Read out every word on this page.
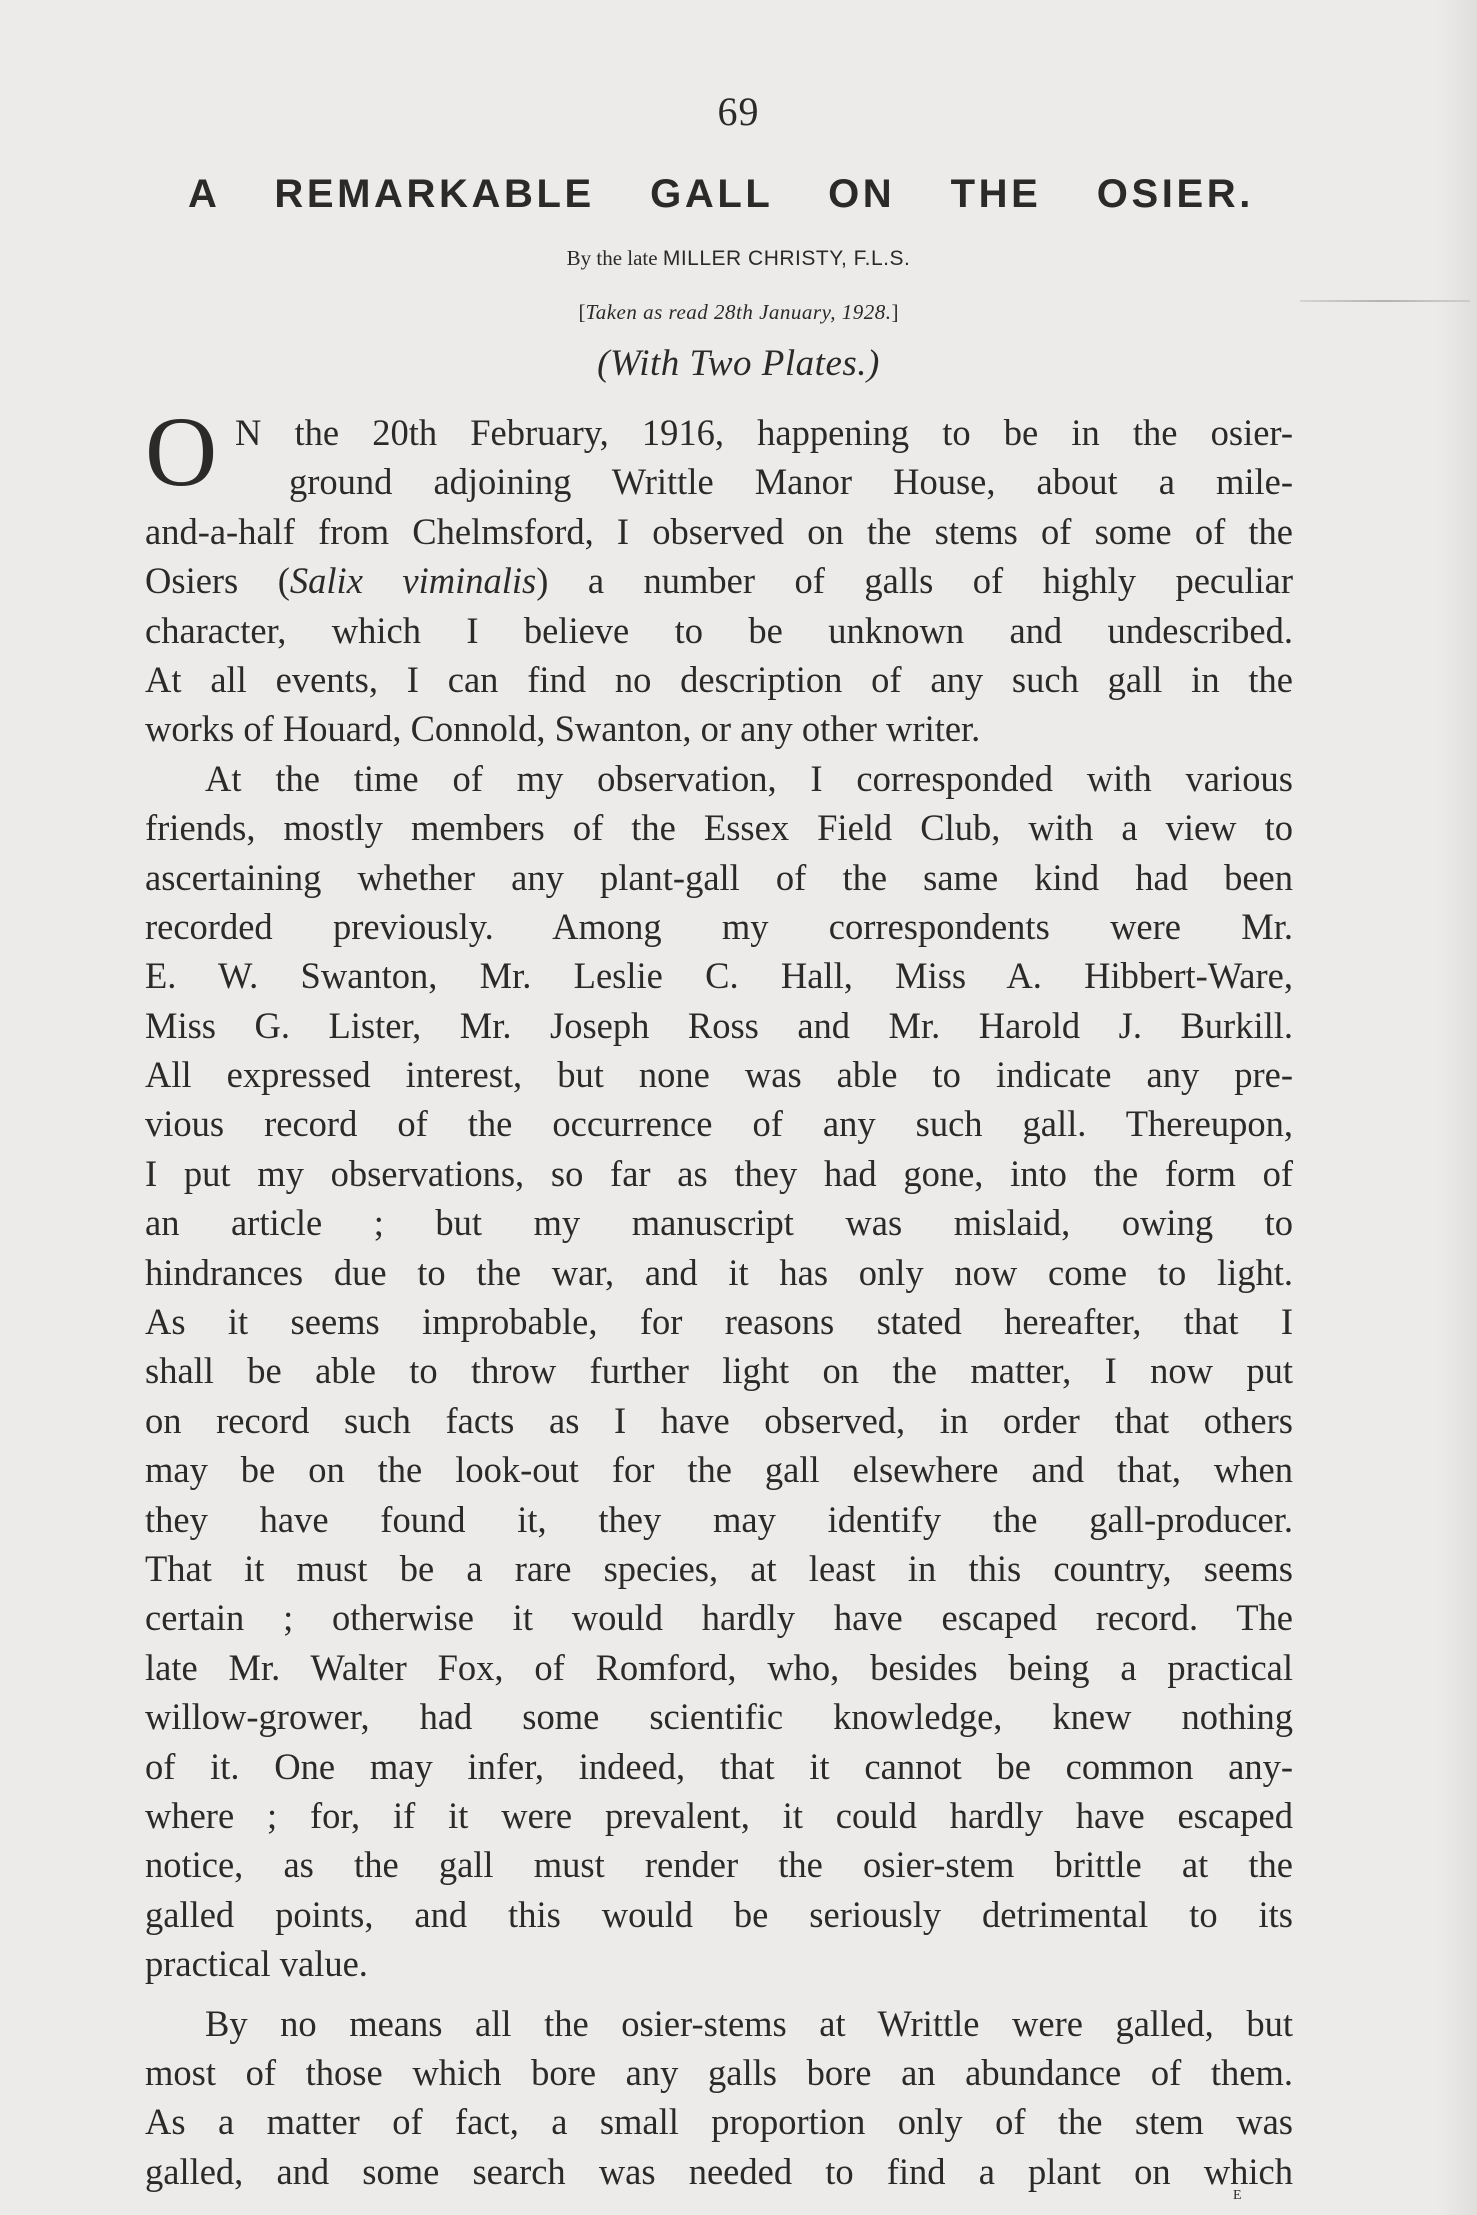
69
A REMARKABLE GALL ON THE OSIER.
By the late MILLER CHRISTY, F.L.S.
[Taken as read 28th January, 1928.]
(With Two Plates.)
O N the 20th February, 1916, happening to be in the osier-
ground adjoining Writtle Manor House, about a mile-
and-a-half from Chelmsford, I observed on the stems of some of the
Osiers (Salix viminalis) a number of galls of highly peculiar
character, which I believe to be unknown and undescribed.
At all events, I can find no description of any such gall in the
works of Houard, Connold, Swanton, or any other writer.
At the time of my observation, I corresponded with various
friends, mostly members of the Essex Field Club, with a view to
ascertaining whether any plant-gall of the same kind had been
recorded previously. Among my correspondents were Mr.
E. W. Swanton, Mr. Leslie C. Hall, Miss A. Hibbert-Ware,
Miss G. Lister, Mr. Joseph Ross and Mr. Harold J. Burkill.
All expressed interest, but none was able to indicate any pre-
vious record of the occurrence of any such gall. Thereupon,
I put my observations, so far as they had gone, into the form of
an article ; but my manuscript was mislaid, owing to
hindrances due to the war, and it has only now come to light.
As it seems improbable, for reasons stated hereafter, that I
shall be able to throw further light on the matter, I now put
on record such facts as I have observed, in order that others
may be on the look-out for the gall elsewhere and that, when
they have found it, they may identify the gall-producer.
That it must be a rare species, at least in this country, seems
certain ; otherwise it would hardly have escaped record. The
late Mr. Walter Fox, of Romford, who, besides being a practical
willow-grower, had some scientific knowledge, knew nothing
of it. One may infer, indeed, that it cannot be common any-
where ; for, if it were prevalent, it could hardly have escaped
notice, as the gall must render the osier-stem brittle at the
galled points, and this would be seriously detrimental to its
practical value.
By no means all the osier-stems at Writtle were galled, but
most of those which bore any galls bore an abundance of them.
As a matter of fact, a small proportion only of the stem was
galled, and some search was needed to find a plant on which
E
